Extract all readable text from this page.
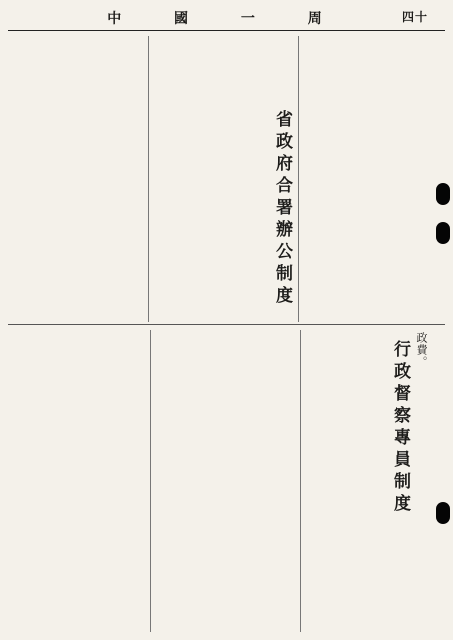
中 國 一 周	四十
省政府合署辦公制度
政費。
行政督察專員制度
